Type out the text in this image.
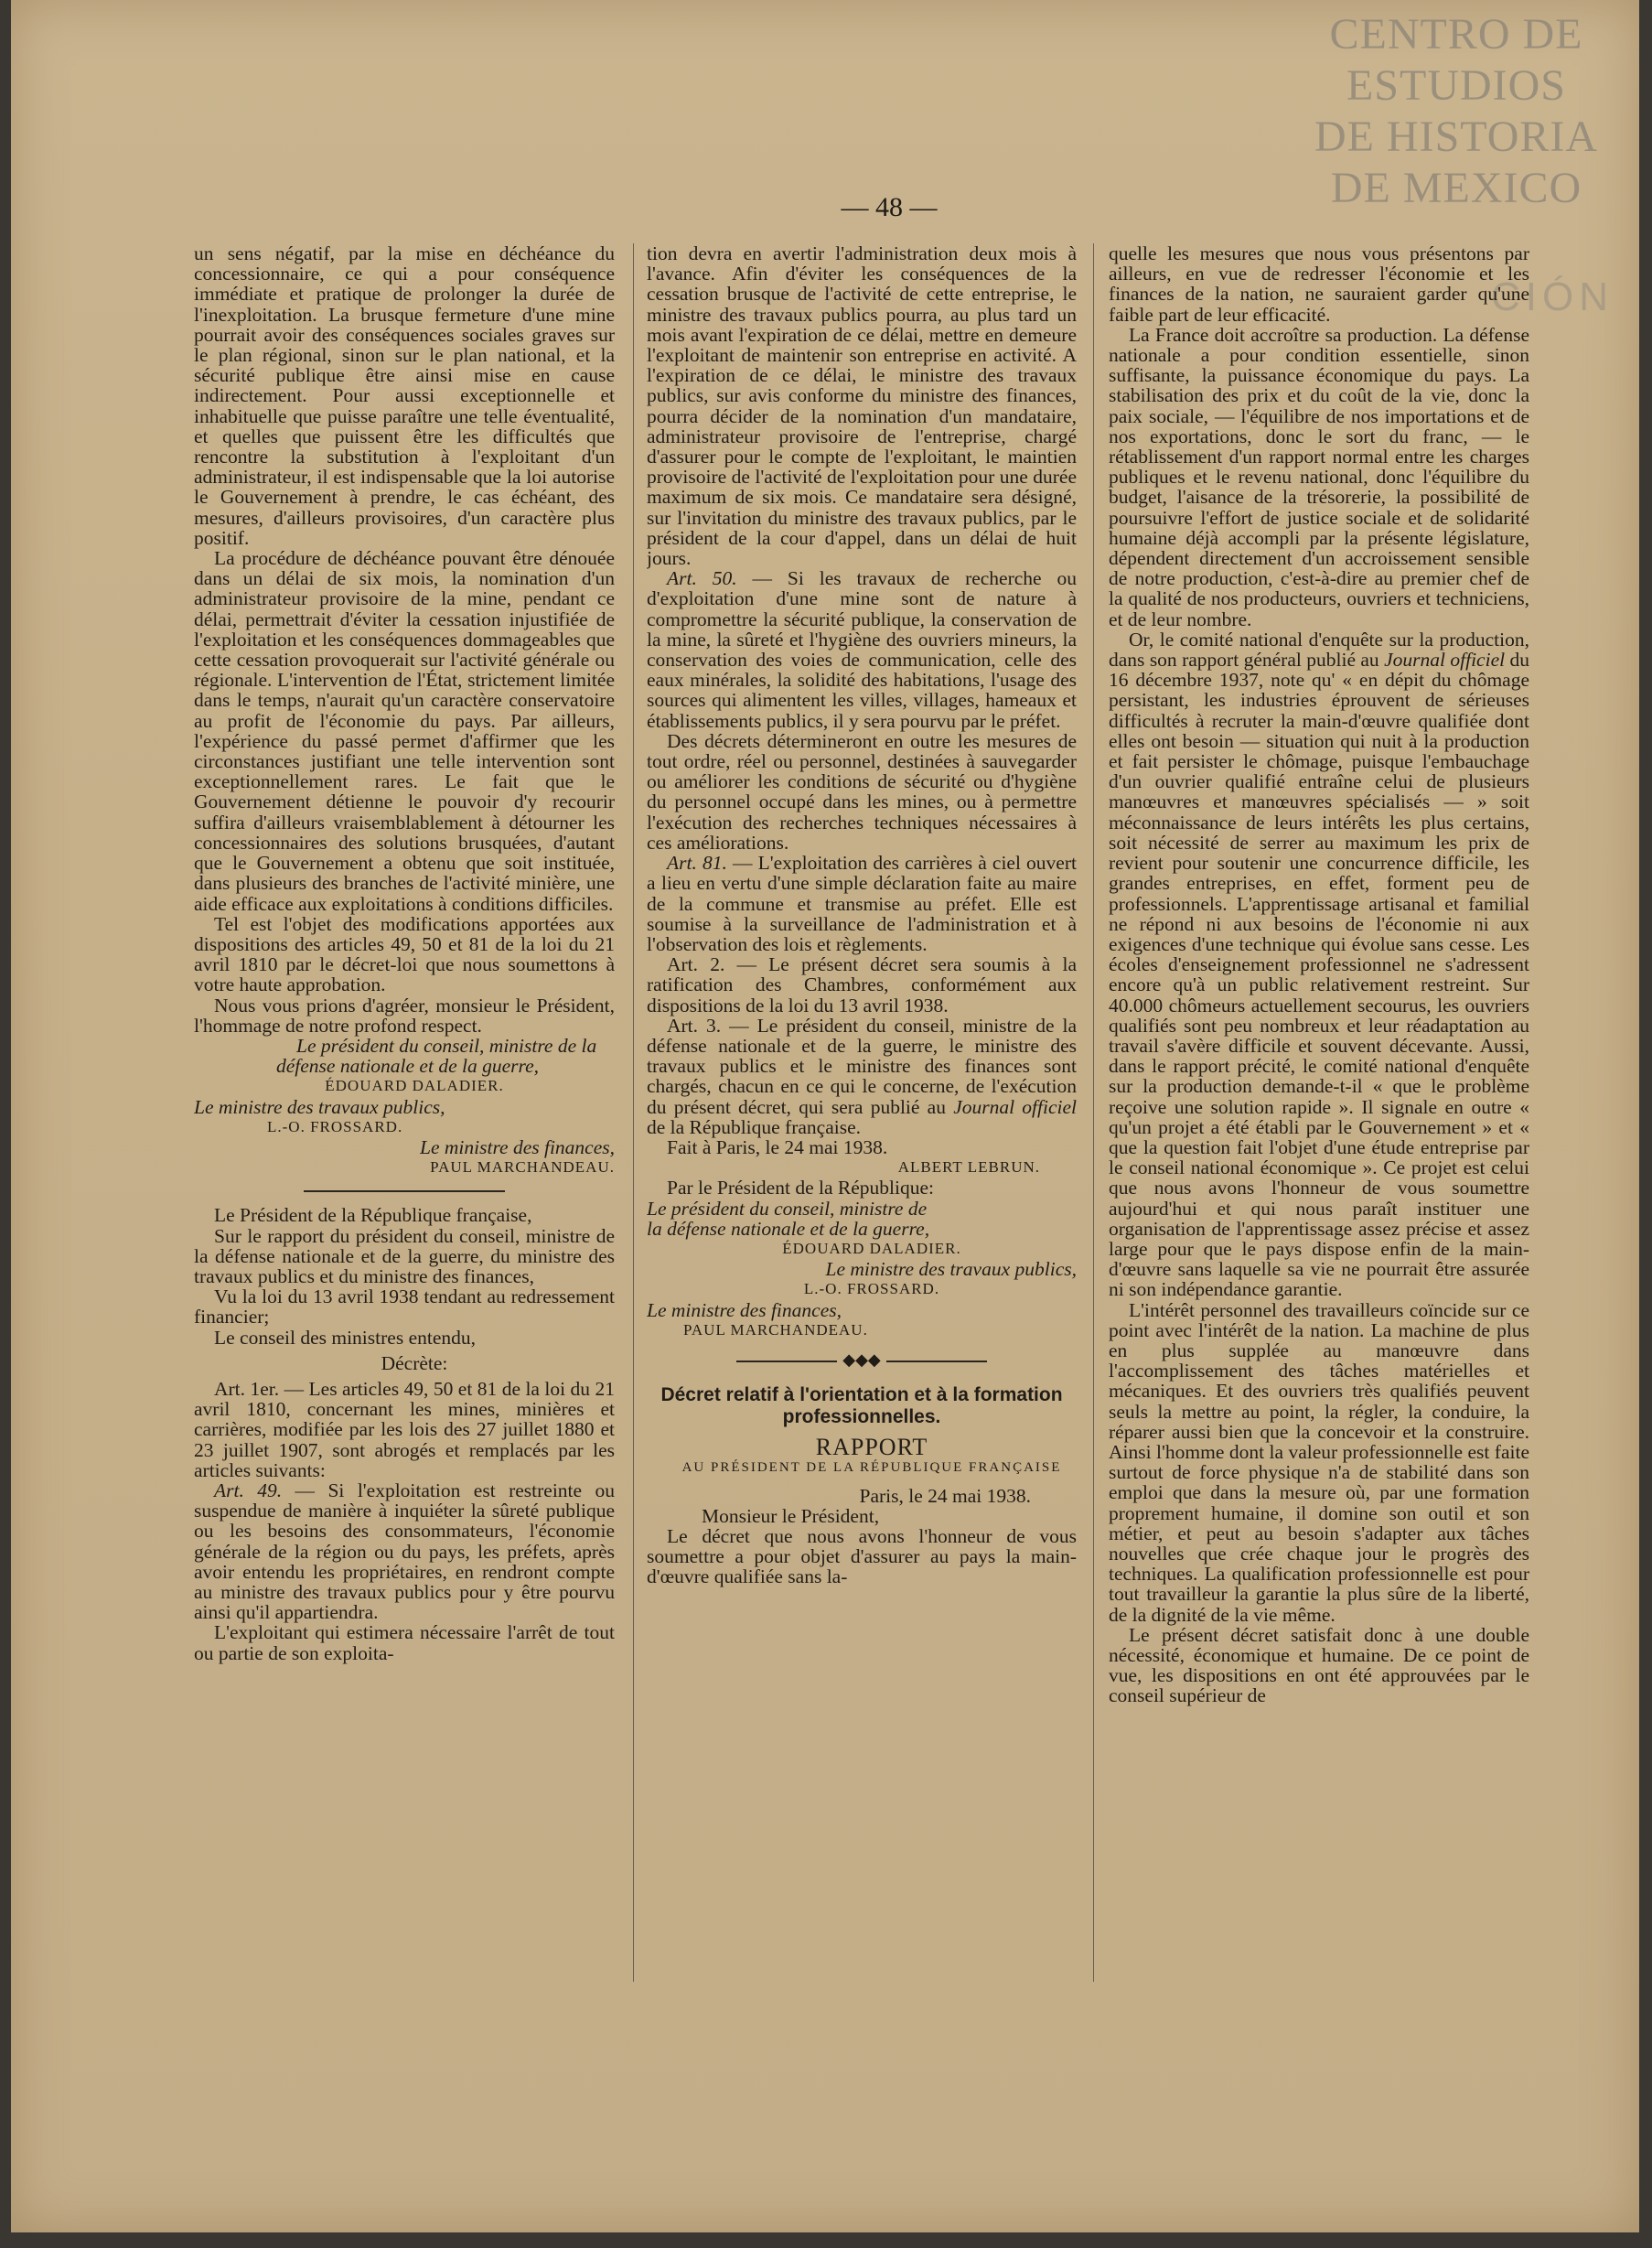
CENTRO DE
ESTUDIOS
DE HISTORIA
DE MEXICO
CIÓN
— 48 —

un sens négatif, par la mise en déchéance du concessionnaire, ce qui a pour conséquence immédiate et pratique de prolonger la durée de l'inexploitation. La brusque fermeture d'une mine pourrait avoir des conséquences sociales graves sur le plan régional, sinon sur le plan national, et la sécurité publique être ainsi mise en cause indirectement. Pour aussi exceptionnelle et inhabituelle que puisse paraître une telle éventualité, et quelles que puissent être les difficultés que rencontre la substitution à l'exploitant d'un administrateur, il est indispensable que la loi autorise le Gouvernement à prendre, le cas échéant, des mesures, d'ailleurs provisoires, d'un caractère plus positif.

La procédure de déchéance pouvant être dénouée dans un délai de six mois, la nomination d'un administrateur provisoire de la mine, pendant ce délai, permettrait d'éviter la cessation injustifiée de l'exploitation et les conséquences dommageables que cette cessation provoquerait sur l'activité générale ou régionale. L'intervention de l'État, strictement limitée dans le temps, n'aurait qu'un caractère conservatoire au profit de l'économie du pays. Par ailleurs, l'expérience du passé permet d'affirmer que les circonstances justifiant une telle intervention sont exceptionnellement rares. Le fait que le Gouvernement détienne le pouvoir d'y recourir suffira d'ailleurs vraisemblablement à détourner les concessionnaires des solutions brusquées, d'autant que le Gouvernement a obtenu que soit instituée, dans plusieurs des branches de l'activité minière, une aide efficace aux exploitations à conditions difficiles.

Tel est l'objet des modifications apportées aux dispositions des articles 49, 50 et 81 de la loi du 21 avril 1810 par le décret-loi que nous soumettons à votre haute approbation.

Nous vous prions d'agréer, monsieur le Président, l'hommage de notre profond respect.

Le président du conseil, ministre de la défense nationale et de la guerre,

ÉDOUARD DALADIER.

Le ministre des travaux publics,

L.-O. FROSSARD.

Le ministre des finances,

PAUL MARCHANDEAU.

Le Président de la République française,

Sur le rapport du président du conseil, ministre de la défense nationale et de la guerre, du ministre des travaux publics et du ministre des finances,

Vu la loi du 13 avril 1938 tendant au redressement financier;

Le conseil des ministres entendu,

Décrète:

Art. 1er. — Les articles 49, 50 et 81 de la loi du 21 avril 1810, concernant les mines, minières et carrières, modifiée par les lois des 27 juillet 1880 et 23 juillet 1907, sont abrogés et remplacés par les articles suivants:

Art. 49. — Si l'exploitation est restreinte ou suspendue de manière à inquiéter la sûreté publique ou les besoins des consommateurs, l'économie générale de la région ou du pays, les préfets, après avoir entendu les propriétaires, en rendront compte au ministre des travaux publics pour y être pourvu ainsi qu'il appartiendra.

L'exploitant qui estimera nécessaire l'arrêt de tout ou partie de son exploita-

tion devra en avertir l'administration deux mois à l'avance. Afin d'éviter les conséquences de la cessation brusque de l'activité de cette entreprise, le ministre des travaux publics pourra, au plus tard un mois avant l'expiration de ce délai, mettre en demeure l'exploitant de maintenir son entreprise en activité. A l'expiration de ce délai, le ministre des travaux publics, sur avis conforme du ministre des finances, pourra décider de la nomination d'un mandataire, administrateur provisoire de l'entreprise, chargé d'assurer pour le compte de l'exploitant, le maintien provisoire de l'activité de l'exploitation pour une durée maximum de six mois. Ce mandataire sera désigné, sur l'invitation du ministre des travaux publics, par le président de la cour d'appel, dans un délai de huit jours.

Art. 50. — Si les travaux de recherche ou d'exploitation d'une mine sont de nature à compromettre la sécurité publique, la conservation de la mine, la sûreté et l'hygiène des ouvriers mineurs, la conservation des voies de communication, celle des eaux minérales, la solidité des habitations, l'usage des sources qui alimentent les villes, villages, hameaux et établissements publics, il y sera pourvu par le préfet.

Des décrets détermineront en outre les mesures de tout ordre, réel ou personnel, destinées à sauvegarder ou améliorer les conditions de sécurité ou d'hygiène du personnel occupé dans les mines, ou à permettre l'exécution des recherches techniques nécessaires à ces améliorations.

Art. 81. — L'exploitation des carrières à ciel ouvert a lieu en vertu d'une simple déclaration faite au maire de la commune et transmise au préfet. Elle est soumise à la surveillance de l'administration et à l'observation des lois et règlements.

Art. 2. — Le présent décret sera soumis à la ratification des Chambres, conformément aux dispositions de la loi du 13 avril 1938.

Art. 3. — Le président du conseil, ministre de la défense nationale et de la guerre, le ministre des travaux publics et le ministre des finances sont chargés, chacun en ce qui le concerne, de l'exécution du présent décret, qui sera publié au Journal officiel de la République française.

Fait à Paris, le 24 mai 1938.

ALBERT LEBRUN.

Par le Président de la République:

Le président du conseil, ministre de la défense nationale et de la guerre,

ÉDOUARD DALADIER.

Le ministre des travaux publics,

L.-O. FROSSARD.

Le ministre des finances,

PAUL MARCHANDEAU.

◆◆◆
Décret relatif à l'orientation et à la formation professionnelles.

RAPPORT

AU PRÉSIDENT DE LA RÉPUBLIQUE FRANÇAISE

Paris, le 24 mai 1938.

Monsieur le Président,

Le décret que nous avons l'honneur de vous soumettre a pour objet d'assurer au pays la main-d'œuvre qualifiée sans la-

quelle les mesures que nous vous présentons par ailleurs, en vue de redresser l'économie et les finances de la nation, ne sauraient garder qu'une faible part de leur efficacité.

La France doit accroître sa production. La défense nationale a pour condition essentielle, sinon suffisante, la puissance économique du pays. La stabilisation des prix et du coût de la vie, donc la paix sociale, — l'équilibre de nos importations et de nos exportations, donc le sort du franc, — le rétablissement d'un rapport normal entre les charges publiques et le revenu national, donc l'équilibre du budget, l'aisance de la trésorerie, la possibilité de poursuivre l'effort de justice sociale et de solidarité humaine déjà accompli par la présente législature, dépendent directement d'un accroissement sensible de notre production, c'est-à-dire au premier chef de la qualité de nos producteurs, ouvriers et techniciens, et de leur nombre.

Or, le comité national d'enquête sur la production, dans son rapport général publié au Journal officiel du 16 décembre 1937, note qu' « en dépit du chômage persistant, les industries éprouvent de sérieuses difficultés à recruter la main-d'œuvre qualifiée dont elles ont besoin — situation qui nuit à la production et fait persister le chômage, puisque l'embauchage d'un ouvrier qualifié entraîne celui de plusieurs manœuvres et manœuvres spécialisés — » soit méconnaissance de leurs intérêts les plus certains, soit nécessité de serrer au maximum les prix de revient pour soutenir une concurrence difficile, les grandes entreprises, en effet, forment peu de professionnels. L'apprentissage artisanal et familial ne répond ni aux besoins de l'économie ni aux exigences d'une technique qui évolue sans cesse. Les écoles d'enseignement professionnel ne s'adressent encore qu'à un public relativement restreint. Sur 40.000 chômeurs actuellement secourus, les ouvriers qualifiés sont peu nombreux et leur réadaptation au travail s'avère difficile et souvent décevante. Aussi, dans le rapport précité, le comité national d'enquête sur la production demande-t-il « que le problème reçoive une solution rapide ». Il signale en outre « qu'un projet a été établi par le Gouvernement » et « que la question fait l'objet d'une étude entreprise par le conseil national économique ». Ce projet est celui que nous avons l'honneur de vous soumettre aujourd'hui et qui nous paraît instituer une organisation de l'apprentissage assez précise et assez large pour que le pays dispose enfin de la main-d'œuvre sans laquelle sa vie ne pourrait être assurée ni son indépendance garantie.

L'intérêt personnel des travailleurs coïncide sur ce point avec l'intérêt de la nation. La machine de plus en plus supplée au manœuvre dans l'accomplissement des tâches matérielles et mécaniques. Et des ouvriers très qualifiés peuvent seuls la mettre au point, la régler, la conduire, la réparer aussi bien que la concevoir et la construire. Ainsi l'homme dont la valeur professionnelle est faite surtout de force physique n'a de stabilité dans son emploi que dans la mesure où, par une formation proprement humaine, il domine son outil et son métier, et peut au besoin s'adapter aux tâches nouvelles que crée chaque jour le progrès des techniques. La qualification professionnelle est pour tout travailleur la garantie la plus sûre de la liberté, de la dignité de la vie même.

Le présent décret satisfait donc à une double nécessité, économique et humaine. De ce point de vue, les dispositions en ont été approuvées par le conseil supérieur de
